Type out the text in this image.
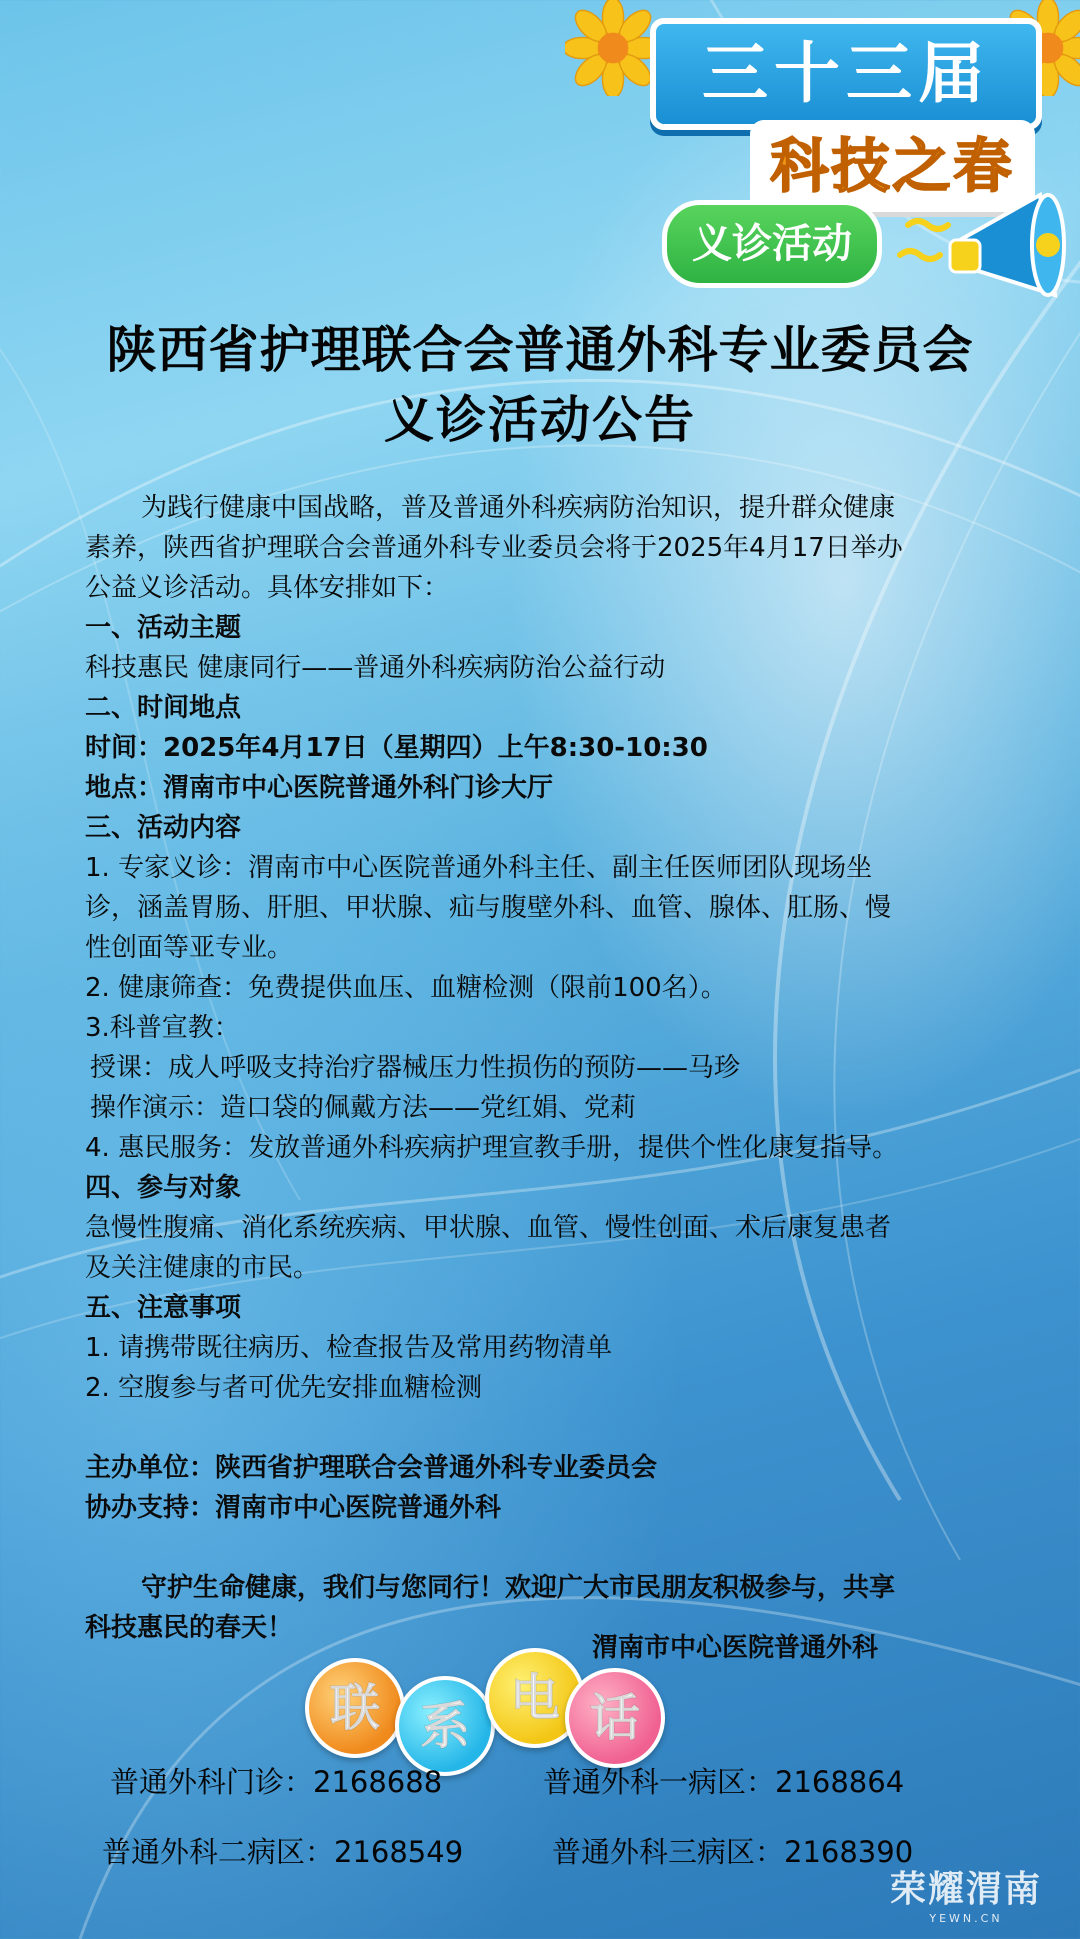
三十三届
科技之春
义诊活动
陕西省护理联合会普通外科专业委员会
义诊活动公告
为践行健康中国战略，普及普通外科疾病防治知识，提升群众健康
素养，陕西省护理联合会普通外科专业委员会将于2025年4月17日举办
公益义诊活动。具体安排如下：
一、活动主题
科技惠民 健康同行——普通外科疾病防治公益行动
二、时间地点
时间：2025年4月17日（星期四）上午8:30-10:30
地点：渭南市中心医院普通外科门诊大厅
三、活动内容
1. 专家义诊：渭南市中心医院普通外科主任、副主任医师团队现场坐
诊，涵盖胃肠、肝胆、甲状腺、疝与腹壁外科、血管、腺体、肛肠、慢
性创面等亚专业。
2. 健康筛查：免费提供血压、血糖检测（限前100名）。
3.科普宣教：
授课：成人呼吸支持治疗器械压力性损伤的预防——马珍
操作演示：造口袋的佩戴方法——党红娟、党莉
4. 惠民服务：发放普通外科疾病护理宣教手册，提供个性化康复指导。
四、参与对象
急慢性腹痛、消化系统疾病、甲状腺、血管、慢性创面、术后康复患者
及关注健康的市民。
五、注意事项
1. 请携带既往病历、检查报告及常用药物清单
2. 空腹参与者可优先安排血糖检测
主办单位：陕西省护理联合会普通外科专业委员会
协办支持：渭南市中心医院普通外科
守护生命健康，我们与您同行！欢迎广大市民朋友积极参与，共享
科技惠民的春天！
渭南市中心医院普通外科
联 系 电 话
普通外科门诊：2168688	普通外科一病区：2168864
普通外科二病区：2168549	普通外科三病区：2168390
荣耀渭南
YEWN.CN
